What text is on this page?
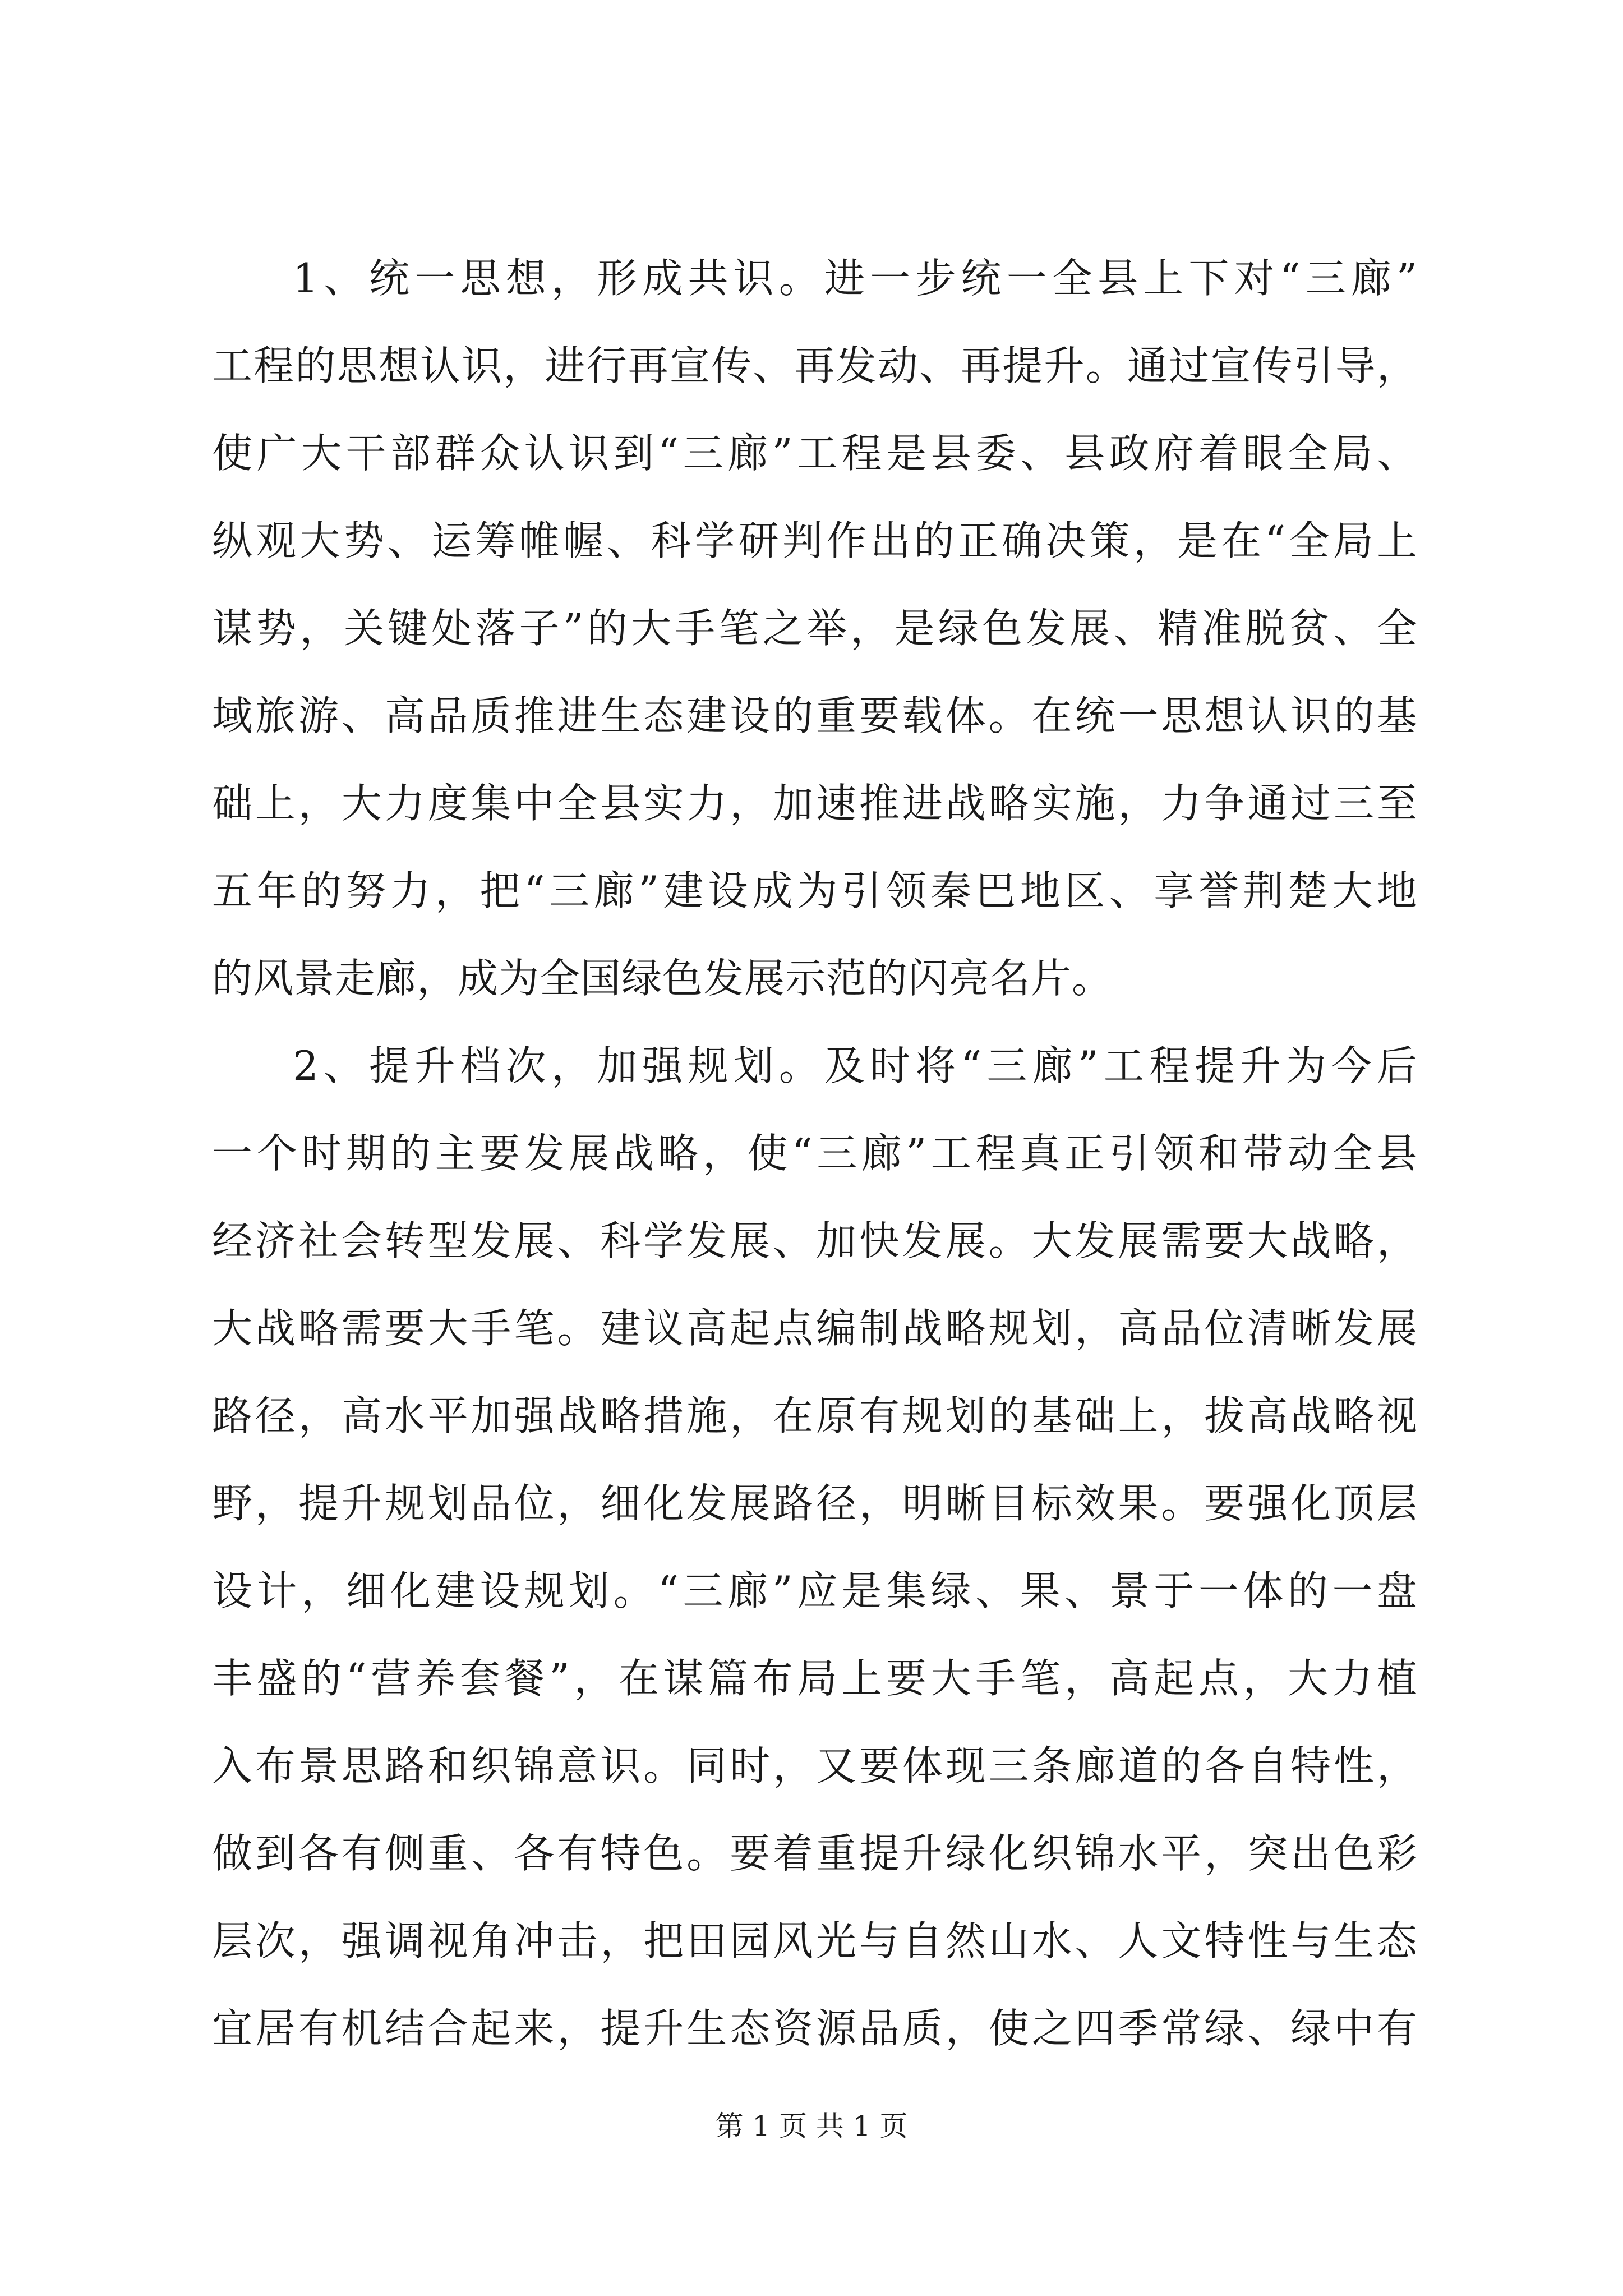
1、统一思想，形成共识。进一步统一全县上下对“三廊”
工程的思想认识，进行再宣传、再发动、再提升。通过宣传引导，
使广大干部群众认识到“三廊”工程是县委、县政府着眼全局、
纵观大势、运筹帷幄、科学研判作出的正确决策，是在“全局上
谋势，关键处落子”的大手笔之举，是绿色发展、精准脱贫、全
域旅游、高品质推进生态建设的重要载体。在统一思想认识的基
础上，大力度集中全县实力，加速推进战略实施，力争通过三至
五年的努力，把“三廊”建设成为引领秦巴地区、享誉荆楚大地
的风景走廊，成为全国绿色发展示范的闪亮名片。
2、提升档次，加强规划。及时将“三廊”工程提升为今后
一个时期的主要发展战略，使“三廊”工程真正引领和带动全县
经济社会转型发展、科学发展、加快发展。大发展需要大战略，
大战略需要大手笔。建议高起点编制战略规划，高品位清晰发展
路径，高水平加强战略措施，在原有规划的基础上，拔高战略视
野，提升规划品位，细化发展路径，明晰目标效果。要强化顶层
设计，细化建设规划。“三廊”应是集绿、果、景于一体的一盘
丰盛的“营养套餐”，在谋篇布局上要大手笔，高起点，大力植
入布景思路和织锦意识。同时，又要体现三条廊道的各自特性，
做到各有侧重、各有特色。要着重提升绿化织锦水平，突出色彩
层次，强调视角冲击，把田园风光与自然山水、人文特性与生态
宜居有机结合起来，提升生态资源品质，使之四季常绿、绿中有
第 1 页 共 1 页
